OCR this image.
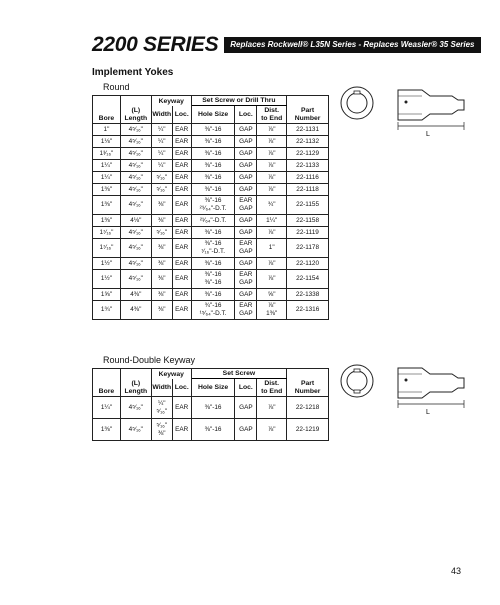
2200 SERIES	Replaces Rockwell® L35N Series - Replaces Weasler® 35 Series
Implement Yokes
Round
Bore	(L)
Length	Keyway		Set Screw or Drill Thru			Part
Number
		Width	Loc.	Hole Size	Loc.	Dist.
to End	
1"	4⁵⁄₁₆"	¼"	EAR	⅜"-16	GAP	⅞"	22-1131
1⅛"	4⁵⁄₁₆"	¼"	EAR	⅜"-16	GAP	⅞"	22-1132
1³⁄₁₆"	4⁵⁄₁₆"	¼"	EAR	⅜"-16	GAP	⅞"	22-1129
1¼"	4⁵⁄₁₆"	¼"	EAR	⅜"-16	GAP	⅞"	22-1133
1¼"	4⁵⁄₁₆"	⁵⁄₁₆"	EAR	⅜"-16	GAP	⅞"	22-1116
1⅜"	4⁵⁄₁₆"	⁵⁄₁₆"	EAR	⅜"-16	GAP	⅞"	22-1118
1⅜"	4⁵⁄₁₆"	⅜"	EAR	⅜"-16
²⁹⁄₆₄"-D.T.	EAR
GAP	¾"	22-1155
1⅜"	4⅛"	⅜"	EAR	²¹⁄₆₄"-D.T.	GAP	1¼"	22-1158
1⁷⁄₁₆"	4⁵⁄₁₆"	⁵⁄₁₆"	EAR	⅜"-16	GAP	⅞"	22-1119
1⁷⁄₁₆"	4⁵⁄₁₆"	⅜"	EAR	⅜"-16
⁷⁄₁₆"-D.T.	EAR
GAP	1"	22-1178
1½"	4⁵⁄₁₆"	⅜"	EAR	⅜"-16	GAP	⅞"	22-1120
1½"	4⁵⁄₁₆"	⅜"	EAR	⅜"-16
⅜"-16	EAR
GAP	⅞"	22-1154
1⅝"	4⅜"	⅜"	EAR	⅜"-16	GAP	⅝"	22-1338
1¾"	4⅜"	⅜"	EAR	¾"-16
¹⁵⁄₆₄"-D.T.	EAR
GAP	⅞"
1⅜"	22-1316
L
Round-Double Keyway
Bore	(L)
Length	Keyway		Set Screw			Part
Number
		Width	Loc.	Hole Size	Loc.	Dist.
to End	
1¼"	4⁵⁄₁₆"	¼"
⁵⁄₁₆"	EAR	⅜"-16	GAP	⅞"	22-1218
1⅜"	4⁵⁄₁₆"	⁵⁄₁₆"
⅜"	EAR	⅜"-16	GAP	⅞"	22-1219
L
43
